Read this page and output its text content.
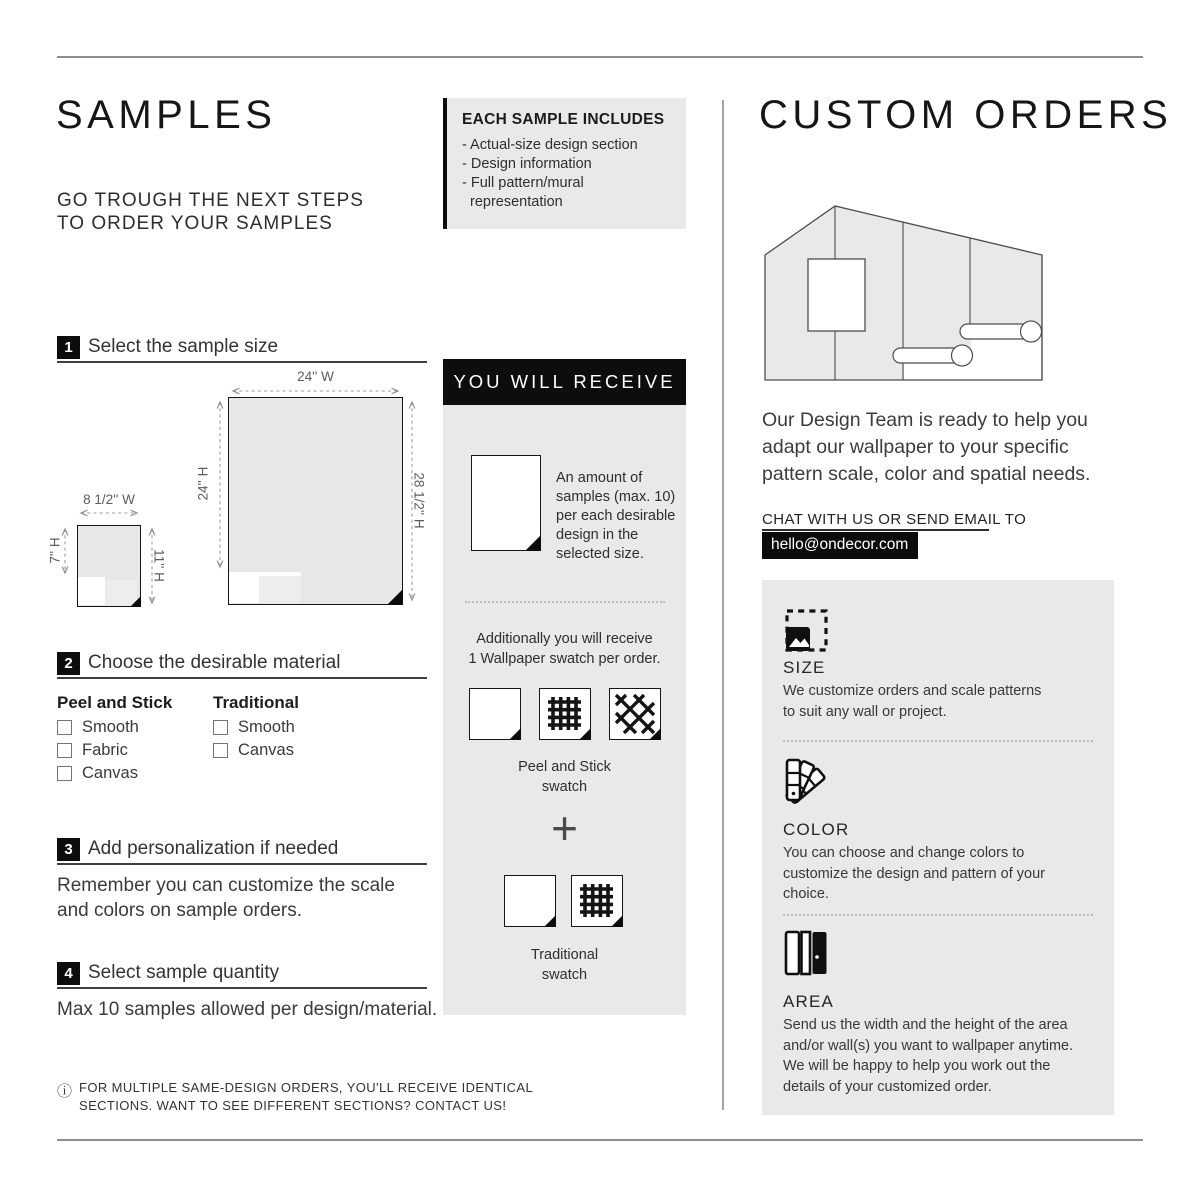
SAMPLES
GO TROUGH THE NEXT STEPS
TO ORDER YOUR SAMPLES
1 Select the sample size
24'' W
24'' H	28 1/2'' H
8 1/2'' W
7'' H	11'' H
2 Choose the desirable material
Peel and Stick
Smooth
Fabric
Canvas
Traditional
Smooth
Canvas
3 Add personalization if needed
Remember you can customize the scale
and colors on sample orders.
4 Select sample quantity
Max 10 samples allowed per design/material.
ⓘ FOR MULTIPLE SAME-DESIGN ORDERS, YOU'LL RECEIVE IDENTICAL
SECTIONS. WANT TO SEE DIFFERENT SECTIONS? CONTACT US!
EACH SAMPLE INCLUDES
- Actual-size design section
- Design information
- Full pattern/mural representation
YOU WILL RECEIVE
An amount of
samples (max. 10)
per each desirable
design in the
selected size.
Additionally you will receive
1 Wallpaper swatch per order.
Peel and Stick
swatch
+
Traditional
swatch
CUSTOM ORDERS
Our Design Team is ready to help you
adapt our wallpaper to your specific
pattern scale, color and spatial needs.
CHAT WITH US OR SEND EMAIL TO
hello@ondecor.com
SIZE
We customize orders and scale patterns
to suit any wall or project.
COLOR
You can choose and change colors to
customize the design and pattern of your
choice.
AREA
Send us the width and the height of the area
and/or wall(s) you want to wallpaper anytime.
We will be happy to help you work out the
details of your customized order.
